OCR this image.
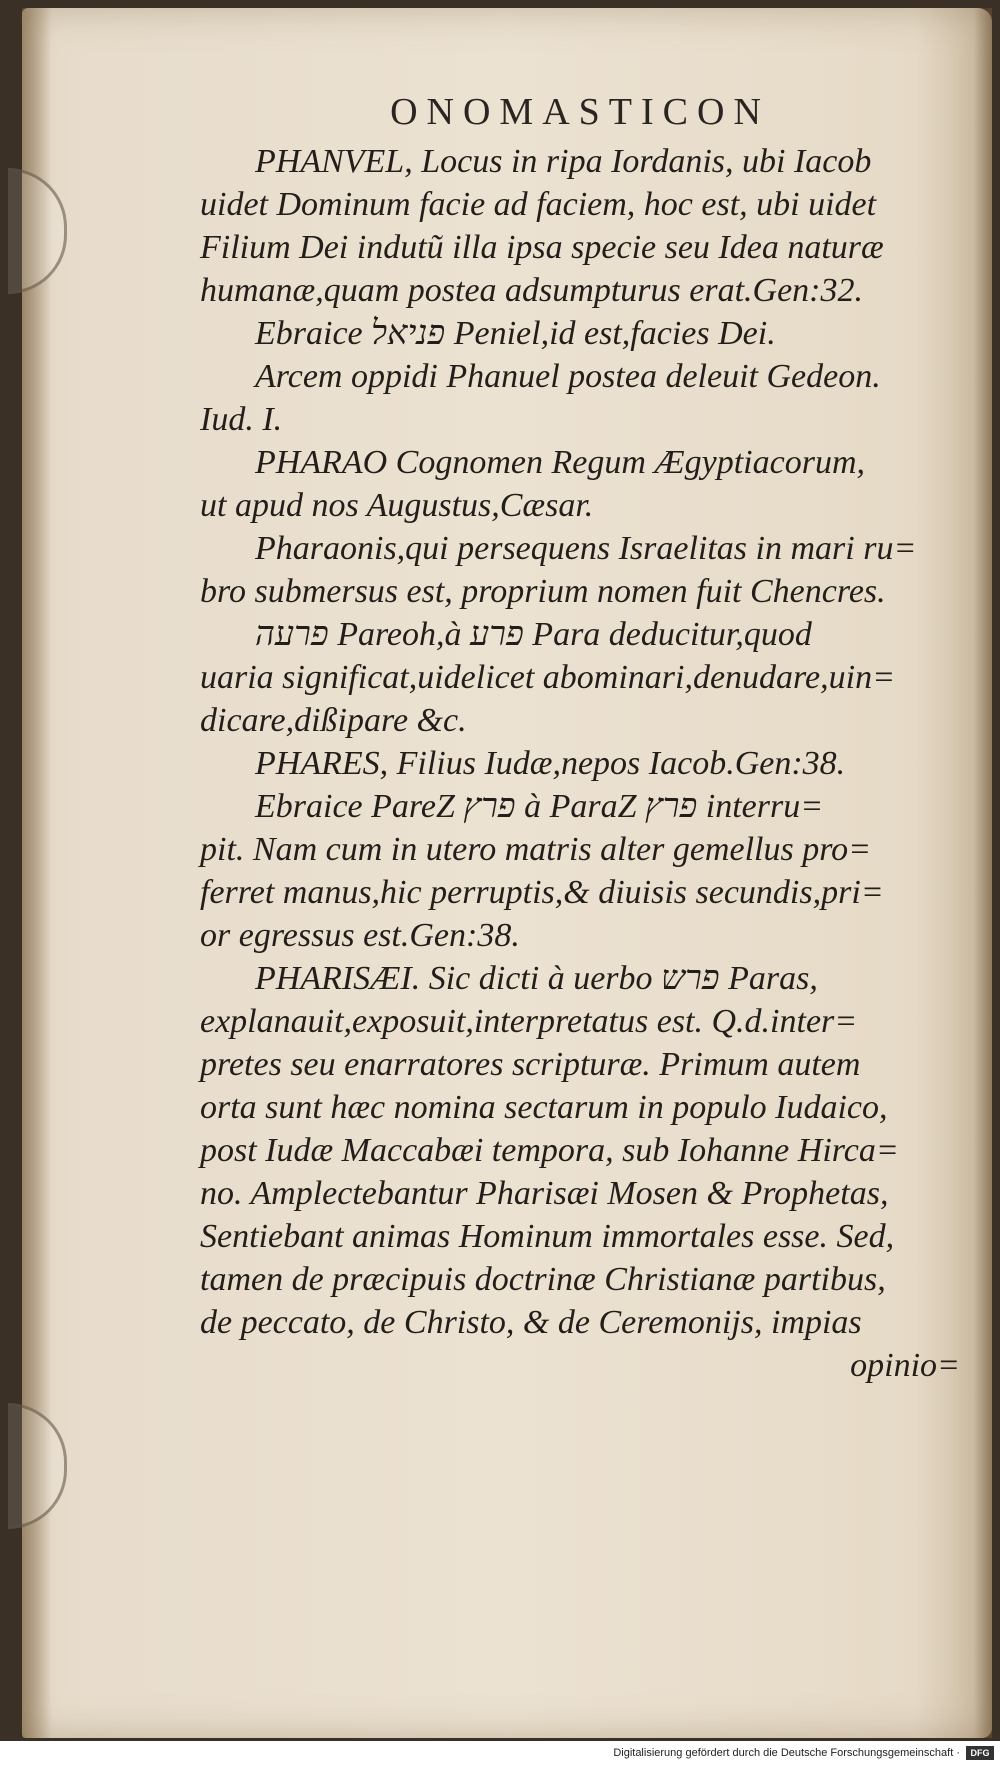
ONOMASTICON
PHANVEL, Locus in ripa Iordanis, ubi Iacob
uidet Dominum facie ad faciem, hoc est, ubi uidet
Filium Dei indutũ illa ipsa specie seu Idea naturæ
humanæ,quam postea adsumpturus erat.Gen:32.
Ebraice פניאל Peniel,id est,facies Dei.
Arcem oppidi Phanuel postea deleuit Gedeon.
Iud. I.
PHARAO Cognomen Regum Ægyptiacorum,
ut apud nos Augustus,Cæsar.
Pharaonis,qui persequens Israelitas in mari ru=
bro submersus est, proprium nomen fuit Chencres.
פרעה Pareoh,à פרע Para deducitur,quod
uaria significat,uidelicet abominari,denudare,uin=
dicare,dißipare &c.
PHARES, Filius Iudæ,nepos Iacob.Gen:38.
Ebraice PareZ פרץ à ParaZ פרץ interru=
pit. Nam cum in utero matris alter gemellus pro=
ferret manus,hic perruptis,& diuisis secundis,pri=
or egressus est.Gen:38.
PHARISÆI. Sic dicti à uerbo פרש Paras,
explanauit,exposuit,interpretatus est. Q.d.inter=
pretes seu enarratores scripturæ. Primum autem
orta sunt hæc nomina sectarum in populo Iudaico,
post Iudæ Maccabæi tempora, sub Iohanne Hirca=
no. Amplectebantur Pharisæi Mosen & Prophetas,
Sentiebant animas Hominum immortales esse. Sed,
tamen de præcipuis doctrinæ Christianæ partibus,
de peccato, de Christo, & de Ceremonijs, impias
opinio=
Digitalisierung gefördert durch die Deutsche Forschungsgemeinschaft ·	DFG
